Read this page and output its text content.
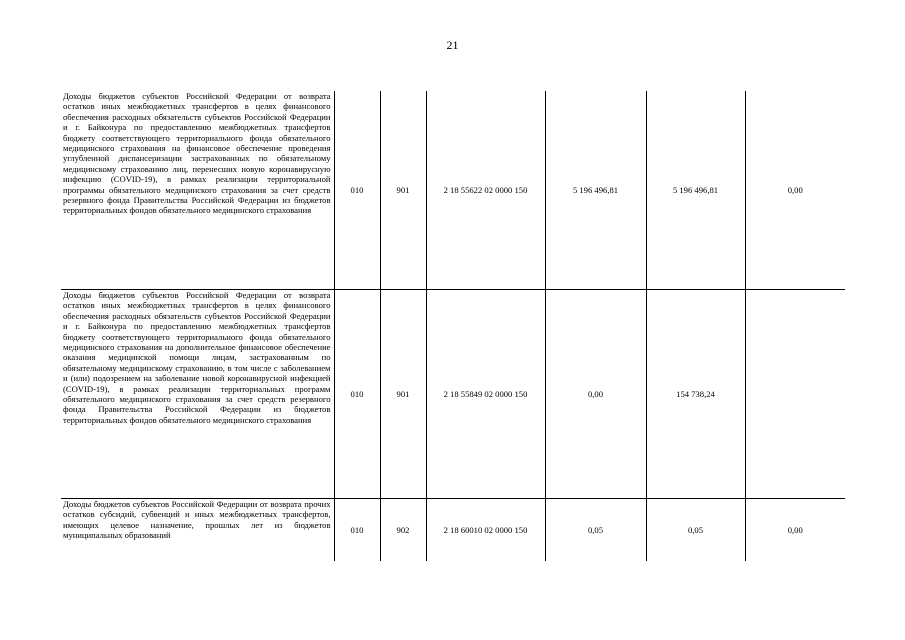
21
Доходы бюджетов субъектов Российской Федерации от возврата остатков иных межбюджетных трансфертов в целях финансового обеспечения расходных обязательств субъектов Российской Федерации и г. Байконура по предоставлению межбюджетных трансфертов бюджету соответствующего территориального фонда обязательного медицинского страхования на финансовое обеспечение проведения углубленной диспансеризации застрахованных по обязательному медицинскому страхованию лиц, перенесших новую коронавирусную инфекцию (COVID-19), в рамках реализации территориальной программы обязательного медицинского страхования за счет средств резервного фонда Правительства Российской Федерации из бюджетов территориальных фондов обязательного медицинского страхования	010	901	2 18 55622 02 0000 150	5 196 496,81	5 196 496,81	0,00
Доходы бюджетов субъектов Российской Федерации от возврата остатков иных межбюджетных трансфертов в целях финансового обеспечения расходных обязательств субъектов Российской Федерации и г. Байконура по предоставлению межбюджетных трансфертов бюджету соответствующего территориального фонда обязательного медицинского страхования на дополнительное финансовое обеспечение оказания медицинской помощи лицам, застрахованным по обязательному медицинскому страхованию, в том числе с заболеванием и (или) подозрением на заболевание новой коронавирусной инфекцией (COVID-19), в рамках реализации территориальных программ обязательного медицинского страхования за счет средств резервного фонда Правительства Российской Федерации из бюджетов территориальных фондов обязательного медицинского страхования	010	901	2 18 55849 02 0000 150	0,00	154 738,24	
Доходы бюджетов субъектов Российской Федерации от возврата прочих остатков субсидий, субвенций и иных межбюджетных трансфертов, имеющих целевое назначение, прошлых лет из бюджетов муниципальных образований	010	902	2 18 60010 02 0000 150	0,05	0,05	0,00
